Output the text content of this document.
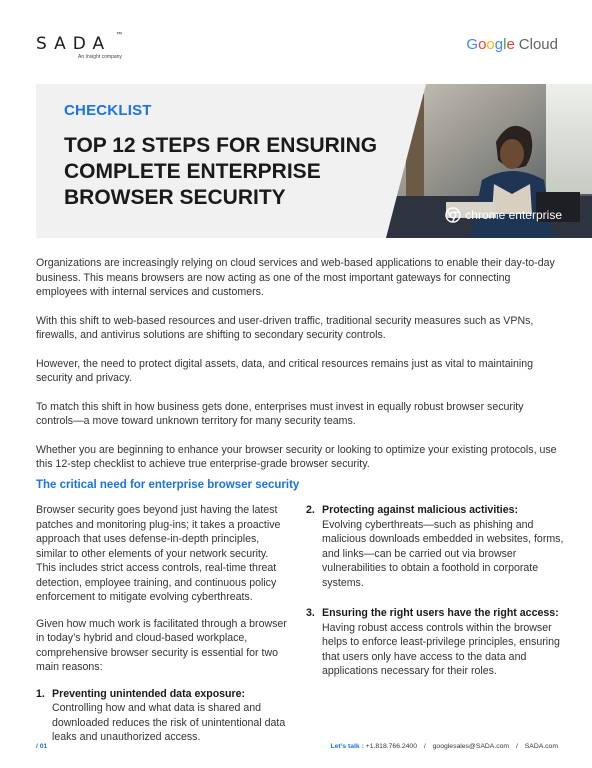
SADA ™
An Insight company
Google Cloud
CHECKLIST
TOP 12 STEPS FOR ENSURING COMPLETE ENTERPRISE BROWSER SECURITY
chrome enterprise

Organizations are increasingly relying on cloud services and web-based applications to enable their day-to-day business. This means browsers are now acting as one of the most important gateways for connecting employees with internal services and customers.

With this shift to web-based resources and user-driven traffic, traditional security measures such as VPNs, firewalls, and antivirus solutions are shifting to secondary security controls.

However, the need to protect digital assets, data, and critical resources remains just as vital to maintaining security and privacy.

To match this shift in how business gets done, enterprises must invest in equally robust browser security controls—a move toward unknown territory for many security teams.

Whether you are beginning to enhance your browser security or looking to optimize your existing protocols, use this 12-step checklist to achieve true enterprise-grade browser security.

The critical need for enterprise browser security

Browser security goes beyond just having the latest patches and monitoring plug-ins; it takes a proactive approach that uses defense-in-depth principles, similar to other elements of your network security. This includes strict access controls, real-time threat detection, employee training, and continuous policy enforcement to mitigate evolving cyberthreats.

Given how much work is facilitated through a browser in today’s hybrid and cloud-based workplace, comprehensive browser security is essential for two main reasons:

1. Preventing unintended data exposure:
Controlling how and what data is shared and downloaded reduces the risk of unintentional data leaks and unauthorized access.
2. Protecting against malicious activities:
Evolving cyberthreats—such as phishing and malicious downloads embedded in websites, forms, and links—can be carried out via browser vulnerabilities to obtain a foothold in corporate systems.
3. Ensuring the right users have the right access:
Having robust access controls within the browser helps to enforce least-privilege principles, ensuring that users only have access to the data and applications necessary for their roles.
/ 01	Let’s talk : +1.818.766.2400 / googlesales@SADA.com / SADA.com
